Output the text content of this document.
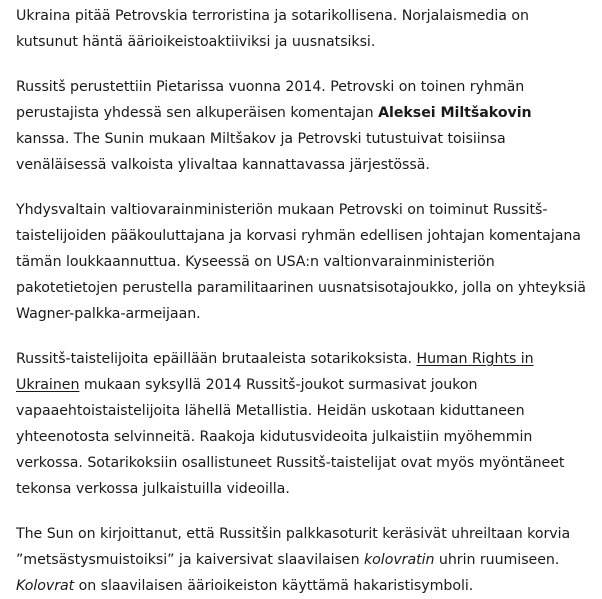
Ukraina pitää Petrovskia terroristina ja sotarikollisena. Norjalaismedia on kutsunut häntä äärioikeistoaktiiviksi ja uusnatsiksi.

Russitš perustettiin Pietarissa vuonna 2014. Petrovski on toinen ryhmän perustajista yhdessä sen alkuperäisen komentajan Aleksei Miltšakovin kanssa. The Sunin mukaan Miltšakov ja Petrovski tutustuivat toisiinsa venäläisessä valkoista ylivaltaa kannattavassa järjestössä.

Yhdysvaltain valtiovarainministeriön mukaan Petrovski on toiminut Russitš-taistelijoiden pääkouluttajana ja korvasi ryhmän edellisen johtajan komentajana tämän loukkaannuttua. Kyseessä on USA:n valtionvarainministeriön pakotetietojen perustella paramilitaarinen uusnatsisotajoukko, jolla on yhteyksiä Wagner-palkka-armeijaan.

Russitš-taistelijoita epäillään brutaaleista sotarikoksista. Human Rights in Ukrainen mukaan syksyllä 2014 Russitš-joukot surmasivat joukon vapaaehtoistaistelijoita lähellä Metallistia. Heidän uskotaan kiduttaneen yhteenotosta selvinneitä. Raakoja kidutusvideoita julkaistiin myöhemmin verkossa. Sotarikoksiin osallistuneet Russitš-taistelijat ovat myös myöntäneet tekonsa verkossa julkaistuilla videoilla.

The Sun on kirjoittanut, että Russitšin palkkasoturit keräsivät uhreiltaan korvia ”metsästysmuistoiksi” ja kaiversivat slaavilaisen kolovratin uhrin ruumiseen. Kolovrat on slaavilaisen äärioikeiston käyttämä hakaristisymboli.
